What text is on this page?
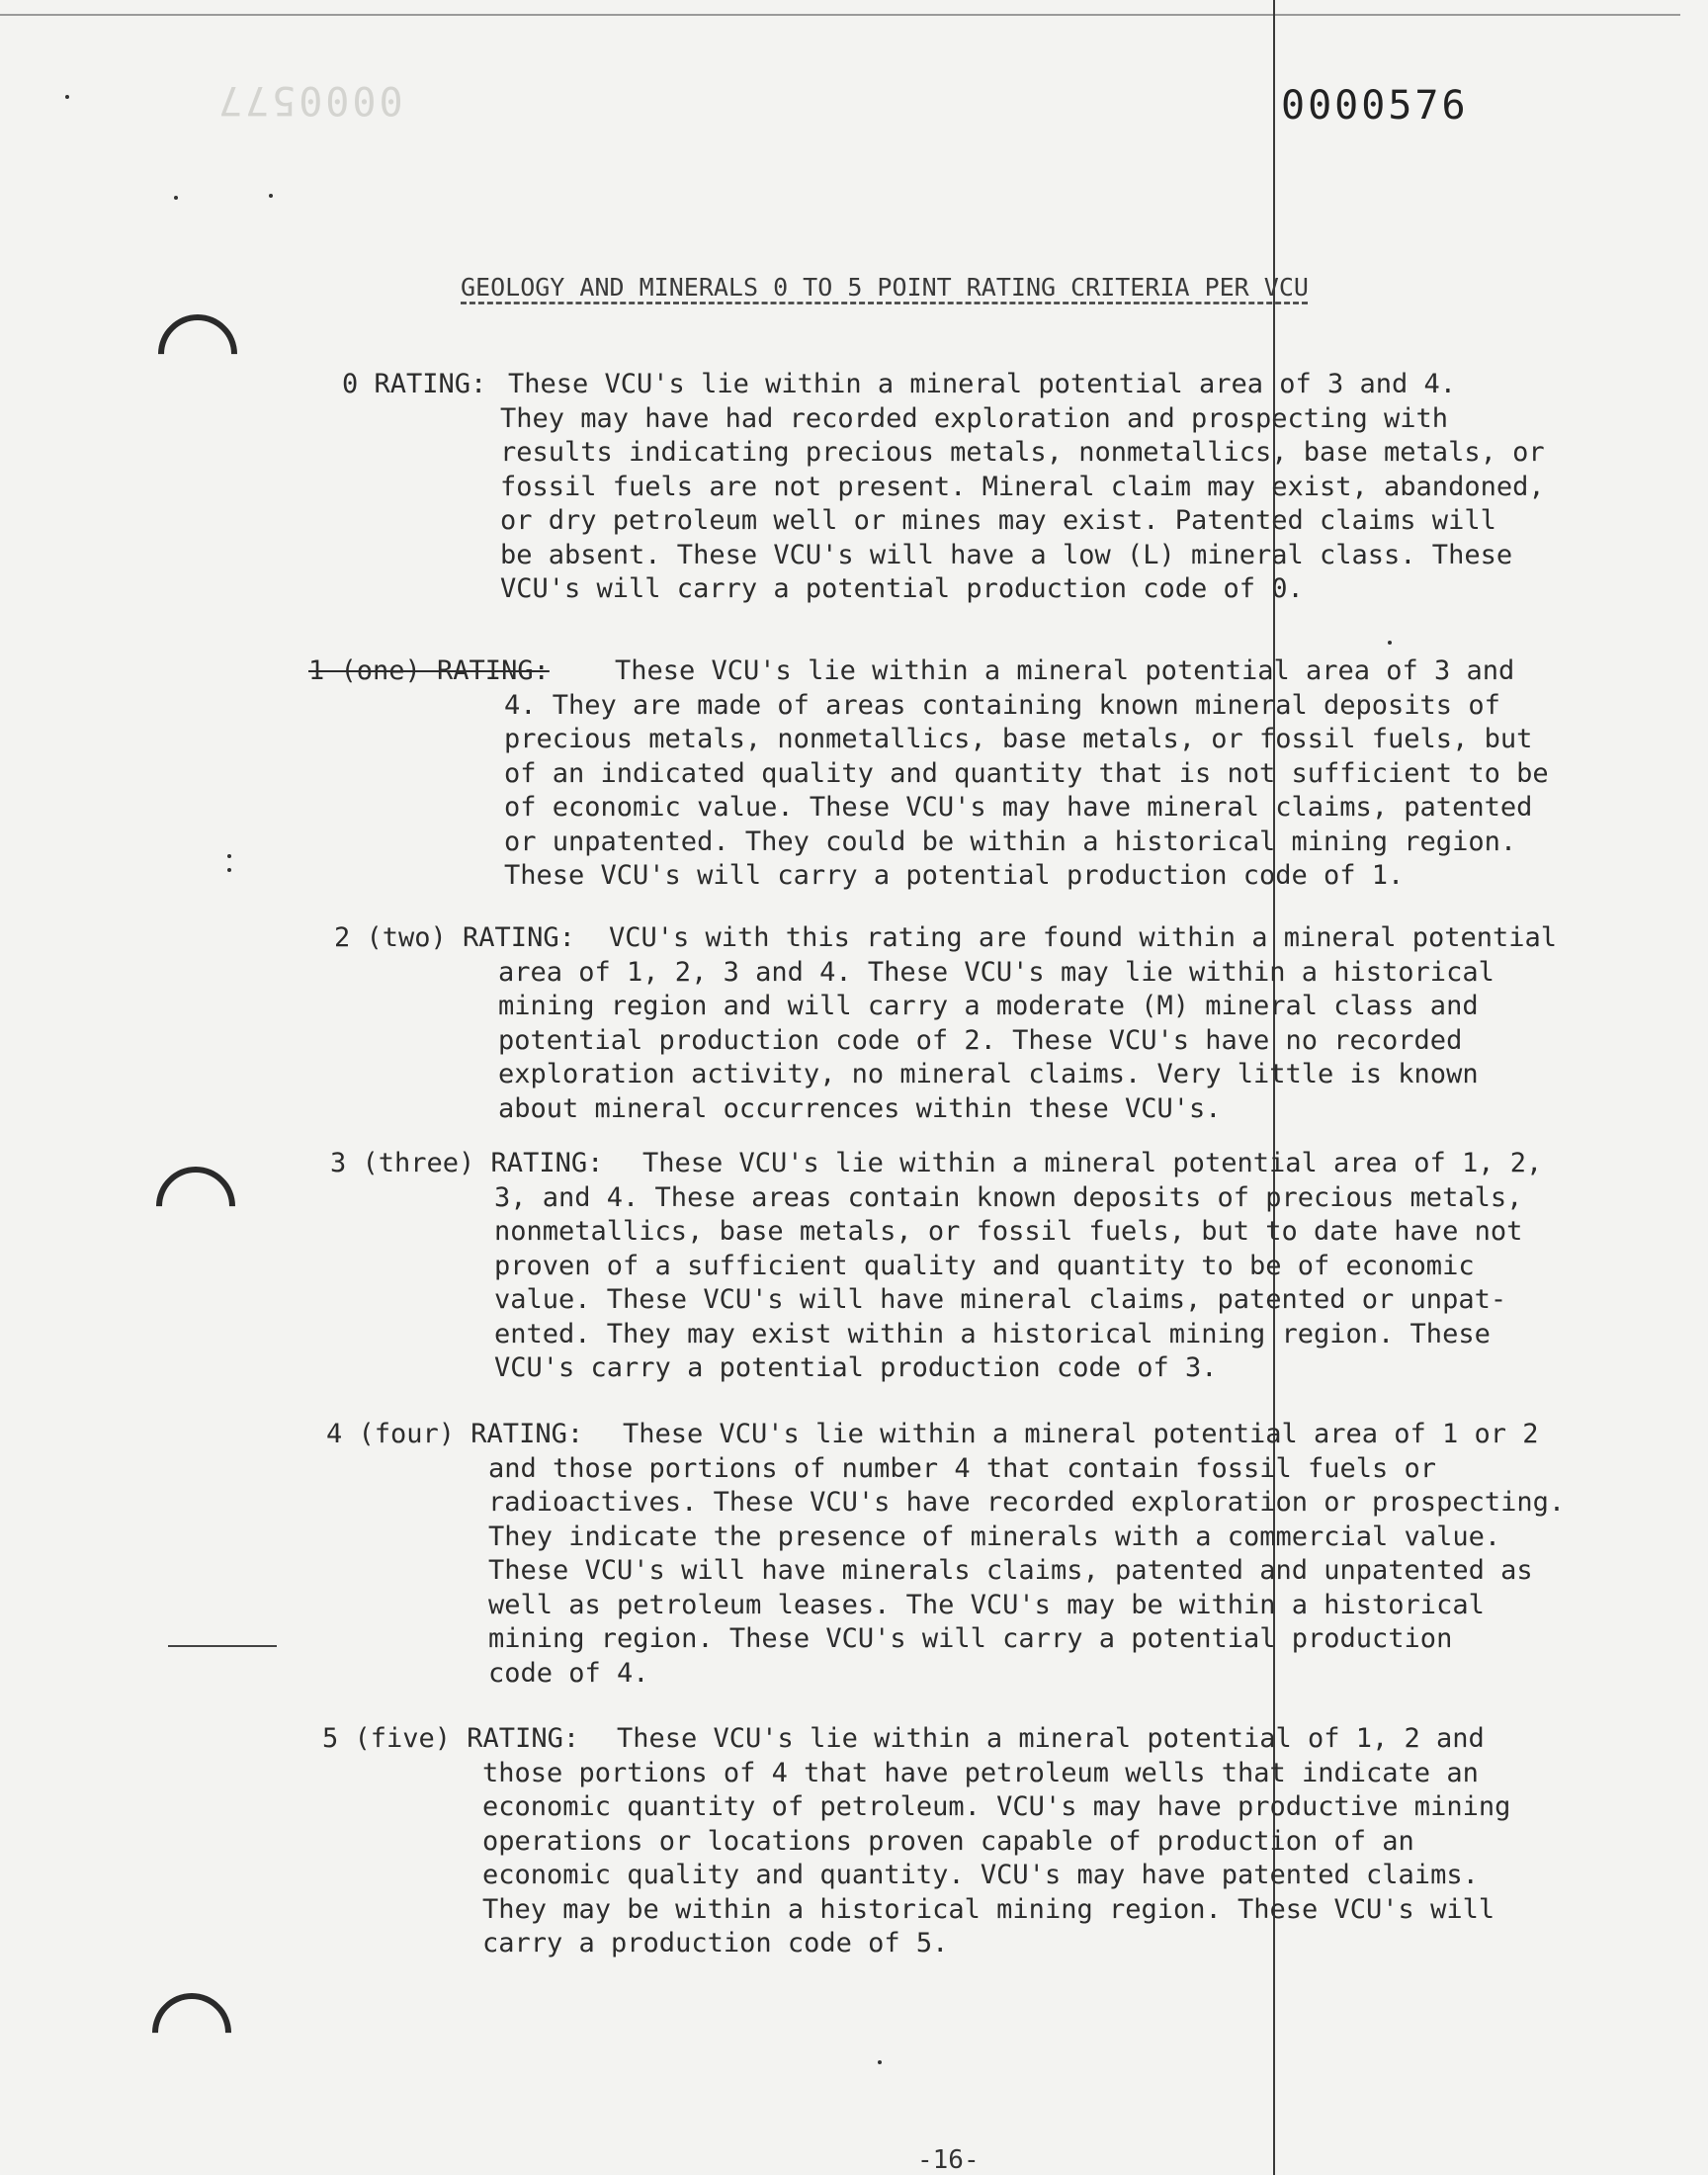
0000577	0000576
GEOLOGY AND MINERALS 0 TO 5 POINT RATING CRITERIA PER VCU
0 RATING: These VCU's lie within a mineral potential area of 3 and 4.
They may have had recorded exploration and prospecting with
results indicating precious metals, nonmetallics, base metals, or
fossil fuels are not present. Mineral claim may exist, abandoned,
or dry petroleum well or mines may exist. Patented claims will
be absent. These VCU's will have a low (L) mineral class. These
VCU's will carry a potential production code of 0.
1 (one) RATING: These VCU's lie within a mineral potential area of 3 and
4. They are made of areas containing known mineral deposits of
precious metals, nonmetallics, base metals, or fossil fuels, but
of an indicated quality and quantity that is not sufficient to be
of economic value. These VCU's may have mineral claims, patented
or unpatented. They could be within a historical mining region.
These VCU's will carry a potential production code of 1.
2 (two) RATING: VCU's with this rating are found within a mineral potential
area of 1, 2, 3 and 4. These VCU's may lie within a historical
mining region and will carry a moderate (M) mineral class and
potential production code of 2. These VCU's have no recorded
exploration activity, no mineral claims. Very little is known
about mineral occurrences within these VCU's.
3 (three) RATING: These VCU's lie within a mineral potential area of 1, 2,
3, and 4. These areas contain known deposits of precious metals,
nonmetallics, base metals, or fossil fuels, but to date have not
proven of a sufficient quality and quantity to be of economic
value. These VCU's will have mineral claims, patented or unpat-
ented. They may exist within a historical mining region. These
VCU's carry a potential production code of 3.
4 (four) RATING: These VCU's lie within a mineral potential area of 1 or 2
and those portions of number 4 that contain fossil fuels or
radioactives. These VCU's have recorded exploration or prospecting.
They indicate the presence of minerals with a commercial value.
These VCU's will have minerals claims, patented and unpatented as
well as petroleum leases. The VCU's may be within a historical
mining region. These VCU's will carry a potential production
code of 4.
5 (five) RATING: These VCU's lie within a mineral potential of 1, 2 and
those portions of 4 that have petroleum wells that indicate an
economic quantity of petroleum. VCU's may have productive mining
operations or locations proven capable of production of an
economic quality and quantity. VCU's may have patented claims.
They may be within a historical mining region. These VCU's will
carry a production code of 5.
-16-
